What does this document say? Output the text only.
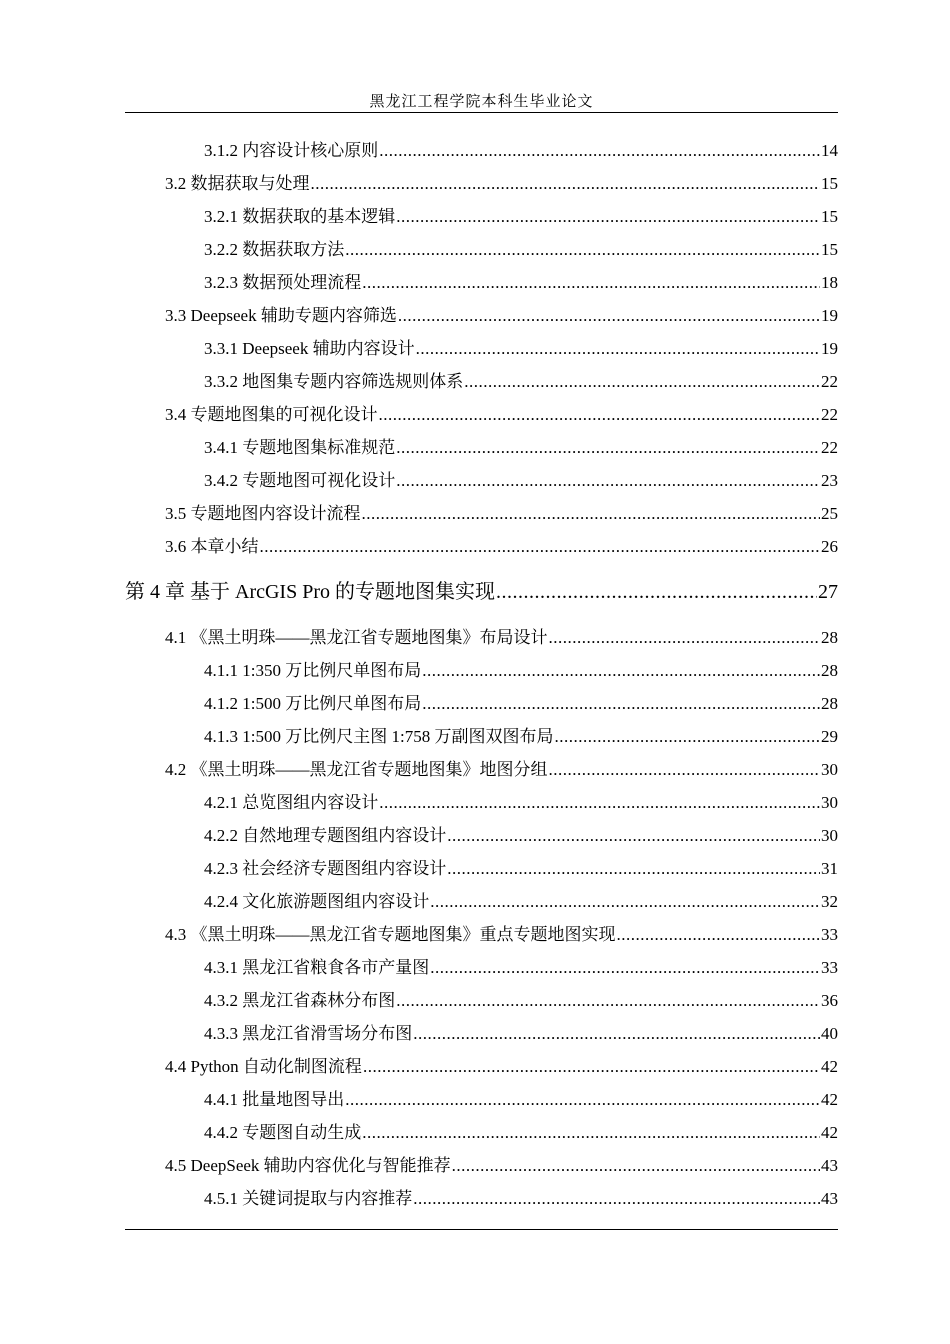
黑龙江工程学院本科生毕业论文
3.1.2 内容设计核心原则 .....	14
3.2 数据获取与处理 .....	15
3.2.1 数据获取的基本逻辑 .....	15
3.2.2 数据获取方法 .....	15
3.2.3 数据预处理流程 .....	18
3.3 Deepseek 辅助专题内容筛选 .....	19
3.3.1 Deepseek 辅助内容设计 .....	19
3.3.2 地图集专题内容筛选规则体系 .....	22
3.4 专题地图集的可视化设计 .....	22
3.4.1 专题地图集标准规范 .....	22
3.4.2 专题地图可视化设计 .....	23
3.5 专题地图内容设计流程 .....	25
3.6 本章小结 .....	26
第 4 章 基于 ArcGIS Pro 的专题地图集实现 .....	27
4.1 《黑土明珠——黑龙江省专题地图集》布局设计 .....	28
4.1.1 1:350 万比例尺单图布局 .....	28
4.1.2 1:500 万比例尺单图布局 .....	28
4.1.3 1:500 万比例尺主图 1:758 万副图双图布局 .....	29
4.2 《黑土明珠——黑龙江省专题地图集》地图分组 .....	30
4.2.1 总览图组内容设计 .....	30
4.2.2 自然地理专题图组内容设计 .....	30
4.2.3 社会经济专题图组内容设计 .....	31
4.2.4 文化旅游题图组内容设计 .....	32
4.3 《黑土明珠——黑龙江省专题地图集》重点专题地图实现 .....	33
4.3.1 黑龙江省粮食各市产量图 .....	33
4.3.2 黑龙江省森林分布图 .....	36
4.3.3 黑龙江省滑雪场分布图 .....	40
4.4 Python 自动化制图流程 .....	42
4.4.1 批量地图导出 .....	42
4.4.2 专题图自动生成 .....	42
4.5 DeepSeek 辅助内容优化与智能推荐 .....	43
4.5.1 关键词提取与内容推荐 .....	43
